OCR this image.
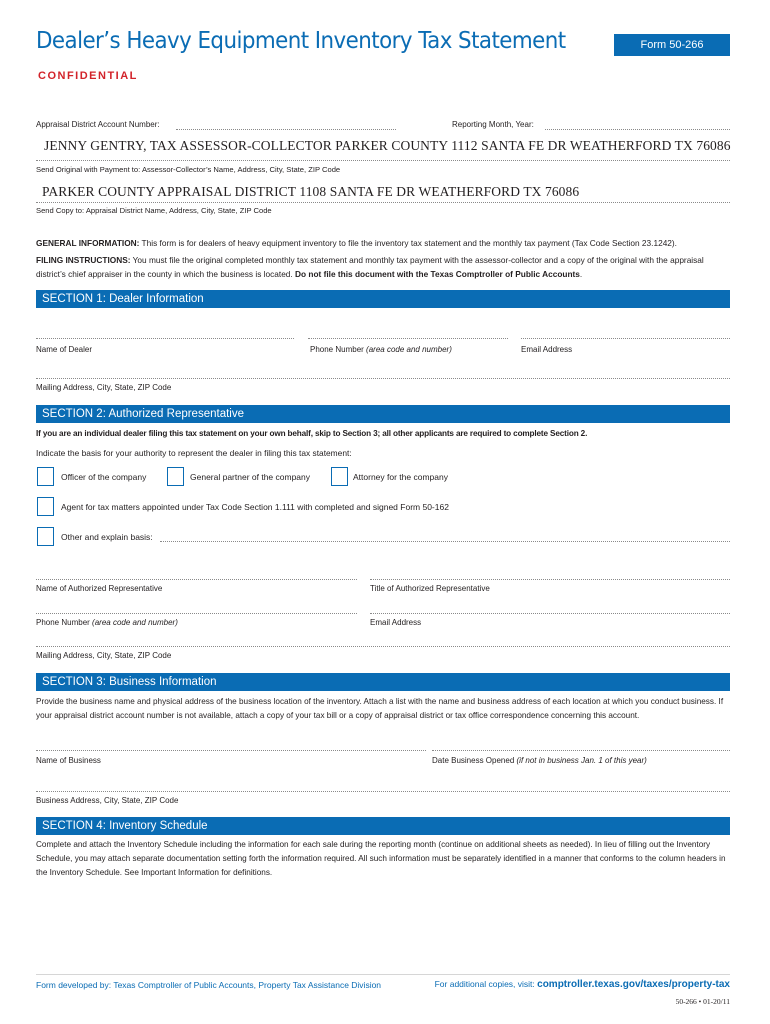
Dealer’s Heavy Equipment Inventory Tax Statement	Form 50-266
CONFIDENTIAL
Appraisal District Account Number:	Reporting Month, Year:
JENNY GENTRY, TAX ASSESSOR-COLLECTOR PARKER COUNTY 1112 SANTA FE DR WEATHERFORD TX 76086
Send Original with Payment to: Assessor-Collector’s Name, Address, City, State, ZIP Code
PARKER COUNTY APPRAISAL DISTRICT 1108 SANTA FE DR WEATHERFORD TX 76086
Send Copy to: Appraisal District Name, Address, City, State, ZIP Code
GENERAL INFORMATION: This form is for dealers of heavy equipment inventory to file the inventory tax statement and the monthly tax payment (Tax Code Section 23.1242).
FILING INSTRUCTIONS: You must file the original completed monthly tax statement and monthly tax payment with the assessor-collector and a copy of the original with the appraisal district’s chief appraiser in the county in which the business is located. Do not file this document with the Texas Comptroller of Public Accounts.
SECTION 1: Dealer Information
Name of Dealer	Phone Number (area code and number)	Email Address
Mailing Address, City, State, ZIP Code
SECTION 2: Authorized Representative
If you are an individual dealer filing this tax statement on your own behalf, skip to Section 3; all other applicants are required to complete Section 2.
Indicate the basis for your authority to represent the dealer in filing this tax statement:
Officer of the company	General partner of the company	Attorney for the company
Agent for tax matters appointed under Tax Code Section 1.111 with completed and signed Form 50-162
Other and explain basis:
Name of Authorized Representative	Title of Authorized Representative
Phone Number (area code and number)	Email Address
Mailing Address, City, State, ZIP Code
SECTION 3: Business Information
Provide the business name and physical address of the business location of the inventory. Attach a list with the name and business address of each location at which you conduct business. If your appraisal district account number is not available, attach a copy of your tax bill or a copy of appraisal district or tax office correspondence concerning this account.
Name of Business	Date Business Opened (if not in business Jan. 1 of this year)
Business Address, City, State, ZIP Code
SECTION 4: Inventory Schedule
Complete and attach the Inventory Schedule including the information for each sale during the reporting month (continue on additional sheets as needed). In lieu of filling out the Inventory Schedule, you may attach separate documentation setting forth the information required. All such information must be separately identified in a manner that conforms to the column headers in the Inventory Schedule. See Important Information for definitions.
Form developed by: Texas Comptroller of Public Accounts, Property Tax Assistance Division	For additional copies, visit: comptroller.texas.gov/taxes/property-tax
50-266 • 01-20/11
